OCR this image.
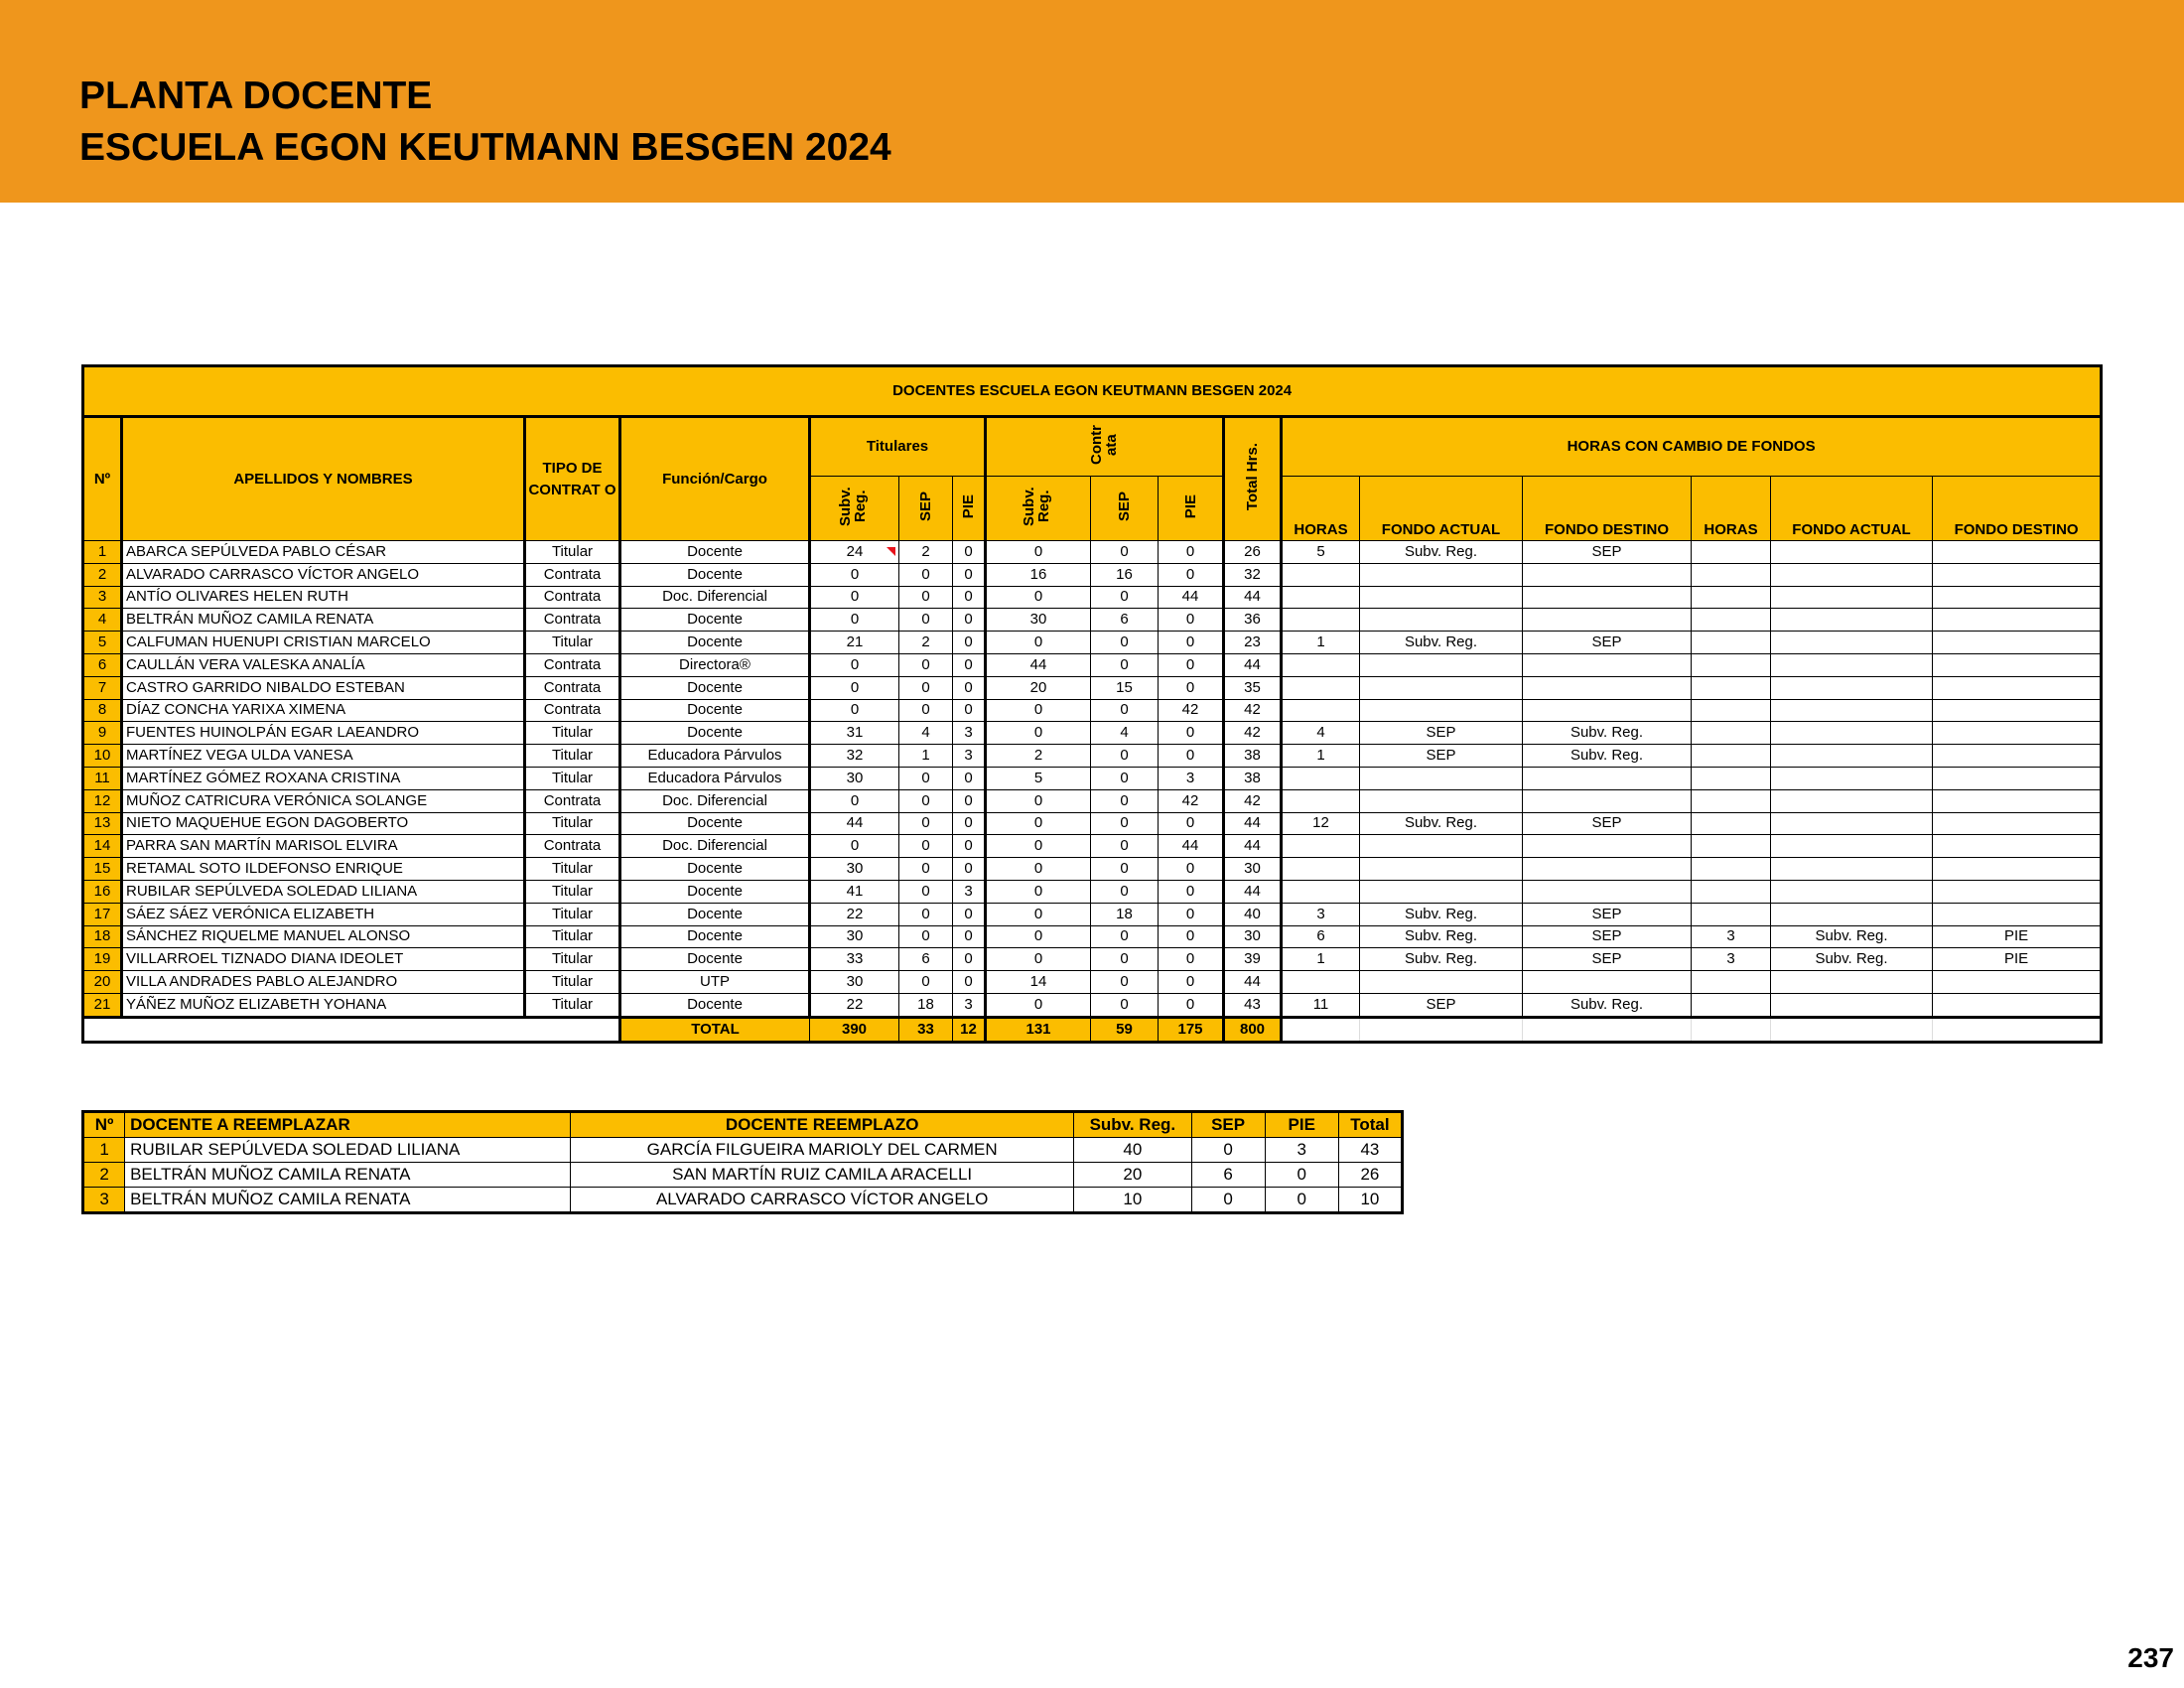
PLANTA DOCENTE
ESCUELA EGON KEUTMANN BESGEN 2024
DOCENTES ESCUELA EGON KEUTMANN BESGEN 2024																
Nº	APELLIDOS Y NOMBRES	TIPO DE CONTRAT O	Función/Cargo	Titulares			Contr ata			Total Hrs.	HORAS CON CAMBIO DE FONDOS					
				Subv. Reg.	SEP	PIE	Subv. Reg.	SEP	PIE		HORAS	FONDO ACTUAL	FONDO DESTINO	HORAS	FONDO ACTUAL	FONDO DESTINO
1	ABARCA SEPÚLVEDA PABLO CÉSAR	Titular	Docente	24	2	0	0	0	0	26	5	Subv. Reg.	SEP			
2	ALVARADO CARRASCO VÍCTOR ANGELO	Contrata	Docente	0	0	0	16	16	0	32						
3	ANTÍO OLIVARES HELEN RUTH	Contrata	Doc. Diferencial	0	0	0	0	0	44	44						
4	BELTRÁN MUÑOZ CAMILA RENATA	Contrata	Docente	0	0	0	30	6	0	36						
5	CALFUMAN HUENUPI CRISTIAN MARCELO	Titular	Docente	21	2	0	0	0	0	23	1	Subv. Reg.	SEP			
6	CAULLÁN VERA VALESKA ANALÍA	Contrata	Directora®	0	0	0	44	0	0	44						
7	CASTRO GARRIDO NIBALDO ESTEBAN	Contrata	Docente	0	0	0	20	15	0	35						
8	DÍAZ CONCHA YARIXA XIMENA	Contrata	Docente	0	0	0	0	0	42	42						
9	FUENTES HUINOLPÁN EGAR LAEANDRO	Titular	Docente	31	4	3	0	4	0	42	4	SEP	Subv. Reg.			
10	MARTÍNEZ VEGA ULDA VANESA	Titular	Educadora Párvulos	32	1	3	2	0	0	38	1	SEP	Subv. Reg.			
11	MARTÍNEZ GÓMEZ ROXANA CRISTINA	Titular	Educadora Párvulos	30	0	0	5	0	3	38						
12	MUÑOZ CATRICURA VERÓNICA SOLANGE	Contrata	Doc. Diferencial	0	0	0	0	0	42	42						
13	NIETO MAQUEHUE EGON DAGOBERTO	Titular	Docente	44	0	0	0	0	0	44	12	Subv. Reg.	SEP			
14	PARRA SAN MARTÍN MARISOL ELVIRA	Contrata	Doc. Diferencial	0	0	0	0	0	44	44						
15	RETAMAL SOTO ILDEFONSO ENRIQUE	Titular	Docente	30	0	0	0	0	0	30						
16	RUBILAR SEPÚLVEDA SOLEDAD LILIANA	Titular	Docente	41	0	3	0	0	0	44						
17	SÁEZ SÁEZ VERÓNICA ELIZABETH	Titular	Docente	22	0	0	0	18	0	40	3	Subv. Reg.	SEP			
18	SÁNCHEZ RIQUELME MANUEL ALONSO	Titular	Docente	30	0	0	0	0	0	30	6	Subv. Reg.	SEP	3	Subv. Reg.	PIE
19	VILLARROEL TIZNADO DIANA IDEOLET	Titular	Docente	33	6	0	0	0	0	39	1	Subv. Reg.	SEP	3	Subv. Reg.	PIE
20	VILLA ANDRADES PABLO ALEJANDRO	Titular	UTP	30	0	0	14	0	0	44						
21	YÁÑEZ MUÑOZ ELIZABETH YOHANA	Titular	Docente	22	18	3	0	0	0	43	11	SEP	Subv. Reg.			
			TOTAL	390	33	12	131	59	175	800						
Nº	DOCENTE A REEMPLAZAR	DOCENTE REEMPLAZO	Subv. Reg.	SEP	PIE	Total
1	RUBILAR SEPÚLVEDA SOLEDAD LILIANA	GARCÍA FILGUEIRA MARIOLY DEL CARMEN	40	0	3	43
2	BELTRÁN MUÑOZ CAMILA RENATA	SAN MARTÍN RUIZ CAMILA ARACELLI	20	6	0	26
3	BELTRÁN MUÑOZ CAMILA RENATA	ALVARADO CARRASCO VÍCTOR ANGELO	10	0	0	10
237
